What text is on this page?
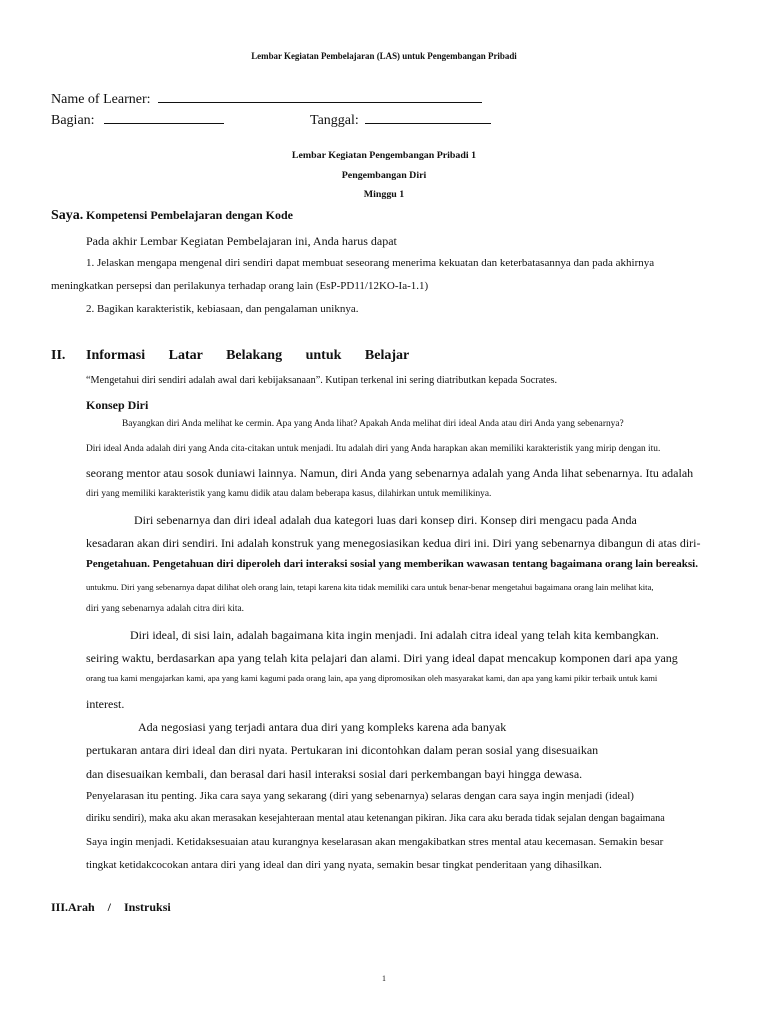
Lembar Kegiatan Pembelajaran (LAS) untuk Pengembangan Pribadi
Name of Learner:
Bagian:	Tanggal:
Lembar Kegiatan Pengembangan Pribadi 1
Pengembangan Diri
Minggu 1
Saya. Kompetensi Pembelajaran dengan Kode
Pada akhir Lembar Kegiatan Pembelajaran ini, Anda harus dapat
1. Jelaskan mengapa mengenal diri sendiri dapat membuat seseorang menerima kekuatan dan keterbatasannya dan pada akhirnya
meningkatkan persepsi dan perilakunya terhadap orang lain (EsP-PD11/12KO-Ia-1.1)
2. Bagikan karakteristik, kebiasaan, dan pengalaman uniknya.
II. Informasi Latar Belakang untuk Belajar
“Mengetahui diri sendiri adalah awal dari kebijaksanaan”. Kutipan terkenal ini sering diatributkan kepada Socrates.
Konsep Diri
Bayangkan diri Anda melihat ke cermin. Apa yang Anda lihat? Apakah Anda melihat diri ideal Anda atau diri Anda yang sebenarnya?
Diri ideal Anda adalah diri yang Anda cita-citakan untuk menjadi. Itu adalah diri yang Anda harapkan akan memiliki karakteristik yang mirip dengan itu.
seorang mentor atau sosok duniawi lainnya. Namun, diri Anda yang sebenarnya adalah yang Anda lihat sebenarnya. Itu adalah
diri yang memiliki karakteristik yang kamu didik atau dalam beberapa kasus, dilahirkan untuk memilikinya.
Diri sebenarnya dan diri ideal adalah dua kategori luas dari konsep diri. Konsep diri mengacu pada Anda
kesadaran akan diri sendiri. Ini adalah konstruk yang menegosiasikan kedua diri ini. Diri yang sebenarnya dibangun di atas diri-
Pengetahuan. Pengetahuan diri diperoleh dari interaksi sosial yang memberikan wawasan tentang bagaimana orang lain bereaksi.
untukmu. Diri yang sebenarnya dapat dilihat oleh orang lain, tetapi karena kita tidak memiliki cara untuk benar-benar mengetahui bagaimana orang lain melihat kita,
diri yang sebenarnya adalah citra diri kita.
Diri ideal, di sisi lain, adalah bagaimana kita ingin menjadi. Ini adalah citra ideal yang telah kita kembangkan.
seiring waktu, berdasarkan apa yang telah kita pelajari dan alami. Diri yang ideal dapat mencakup komponen dari apa yang
orang tua kami mengajarkan kami, apa yang kami kagumi pada orang lain, apa yang dipromosikan oleh masyarakat kami, dan apa yang kami pikir terbaik untuk kami
interest.
Ada negosiasi yang terjadi antara dua diri yang kompleks karena ada banyak
pertukaran antara diri ideal dan diri nyata. Pertukaran ini dicontohkan dalam peran sosial yang disesuaikan
dan disesuaikan kembali, dan berasal dari hasil interaksi sosial dari perkembangan bayi hingga dewasa.
Penyelarasan itu penting. Jika cara saya yang sekarang (diri yang sebenarnya) selaras dengan cara saya ingin menjadi (ideal)
diriku sendiri), maka aku akan merasakan kesejahteraan mental atau ketenangan pikiran. Jika cara aku berada tidak sejalan dengan bagaimana
Saya ingin menjadi. Ketidaksesuaian atau kurangnya keselarasan akan mengakibatkan stres mental atau kecemasan. Semakin besar
tingkat ketidakcocokan antara diri yang ideal dan diri yang nyata, semakin besar tingkat penderitaan yang dihasilkan.
III.Arah / Instruksi
1
